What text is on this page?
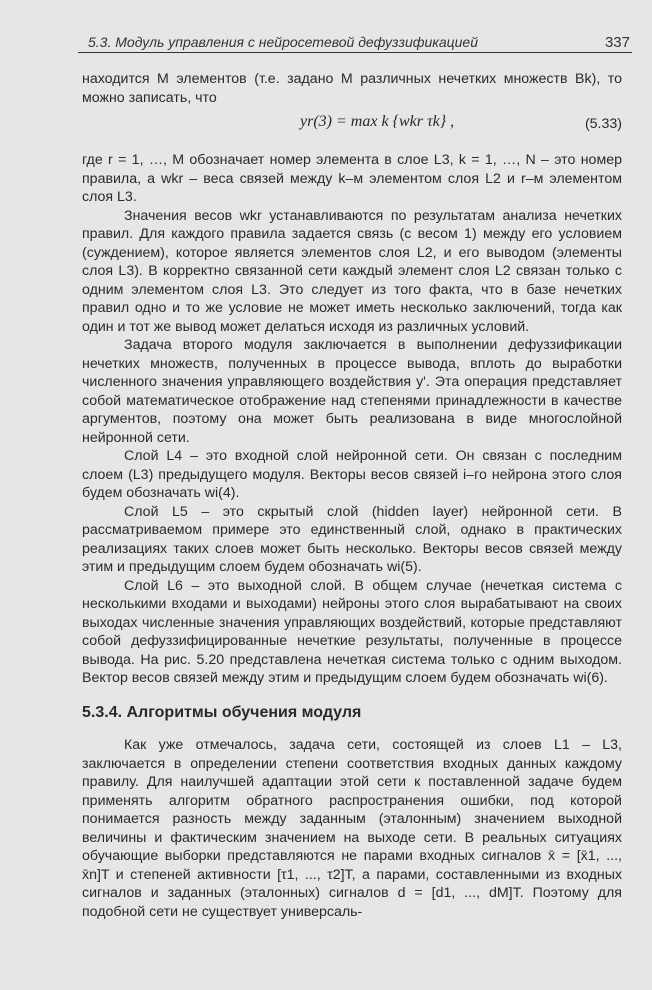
5.3. Модуль управления с нейросетевой дефуззификацией	337

находится M элементов (т.е. задано M различных нечетких множеств Bk), то можно записать, что

yr(3) = max k {wkr τk} ,	(5.33)

где r = 1, …, M обозначает номер элемента в слое L3, k = 1, …, N – это номер правила, а wkr – веса связей между k–м элементом слоя L2 и r–м элементом слоя L3.

Значения весов wkr устанавливаются по результатам анализа нечетких правил. Для каждого правила задается связь (с весом 1) между его условием (суждением), которое является элементов слоя L2, и его выводом (элементы слоя L3). В корректно связанной сети каждый элемент слоя L2 связан только с одним элементом слоя L3. Это следует из того факта, что в базе нечетких правил одно и то же условие не может иметь несколько заключений, тогда как один и тот же вывод может делаться исходя из различных условий.

Задача второго модуля заключается в выполнении дефуззификации нечетких множеств, полученных в процессе вывода, вплоть до выработки численного значения управляющего воздействия y'. Эта операция представляет собой математическое отображение над степенями принадлежности в качестве аргументов, поэтому она может быть реализована в виде многослойной нейронной сети.

Слой L4 – это входной слой нейронной сети. Он связан с последним слоем (L3) предыдущего модуля. Векторы весов связей i–го нейрона этого слоя будем обозначать wi(4).

Слой L5 – это скрытый слой (hidden layer) нейронной сети. В рассматриваемом примере это единственный слой, однако в практических реализациях таких слоев может быть несколько. Векторы весов связей между этим и предыдущим слоем будем обозначать wi(5).

Слой L6 – это выходной слой. В общем случае (нечеткая система с несколькими входами и выходами) нейроны этого слоя вырабатывают на своих выходах численные значения управляющих воздействий, которые представляют собой дефуззифицированные нечеткие результаты, полученные в процессе вывода. На рис. 5.20 представлена нечеткая система только с одним выходом. Вектор весов связей между этим и предыдущим слоем будем обозначать wi(6).

5.3.4. Алгоритмы обучения модуля

Как уже отмечалось, задача сети, состоящей из слоев L1 – L3, заключается в определении степени соответствия входных данных каждому правилу. Для наилучшей адаптации этой сети к поставленной задаче будем применять алгоритм обратного распространения ошибки, под которой понимается разность между заданным (эталонным) значением выходной величины и фактическим значением на выходе сети. В реальных ситуациях обучающие выборки представляются не парами входных сигналов x̄ = [x̄1, ..., x̄n]T и степеней активности [τ1, ..., τ2]T, а парами, составленными из входных сигналов и заданных (эталонных) сигналов d = [d1, ..., dM]T. Поэтому для подобной сети не существует универсаль-
